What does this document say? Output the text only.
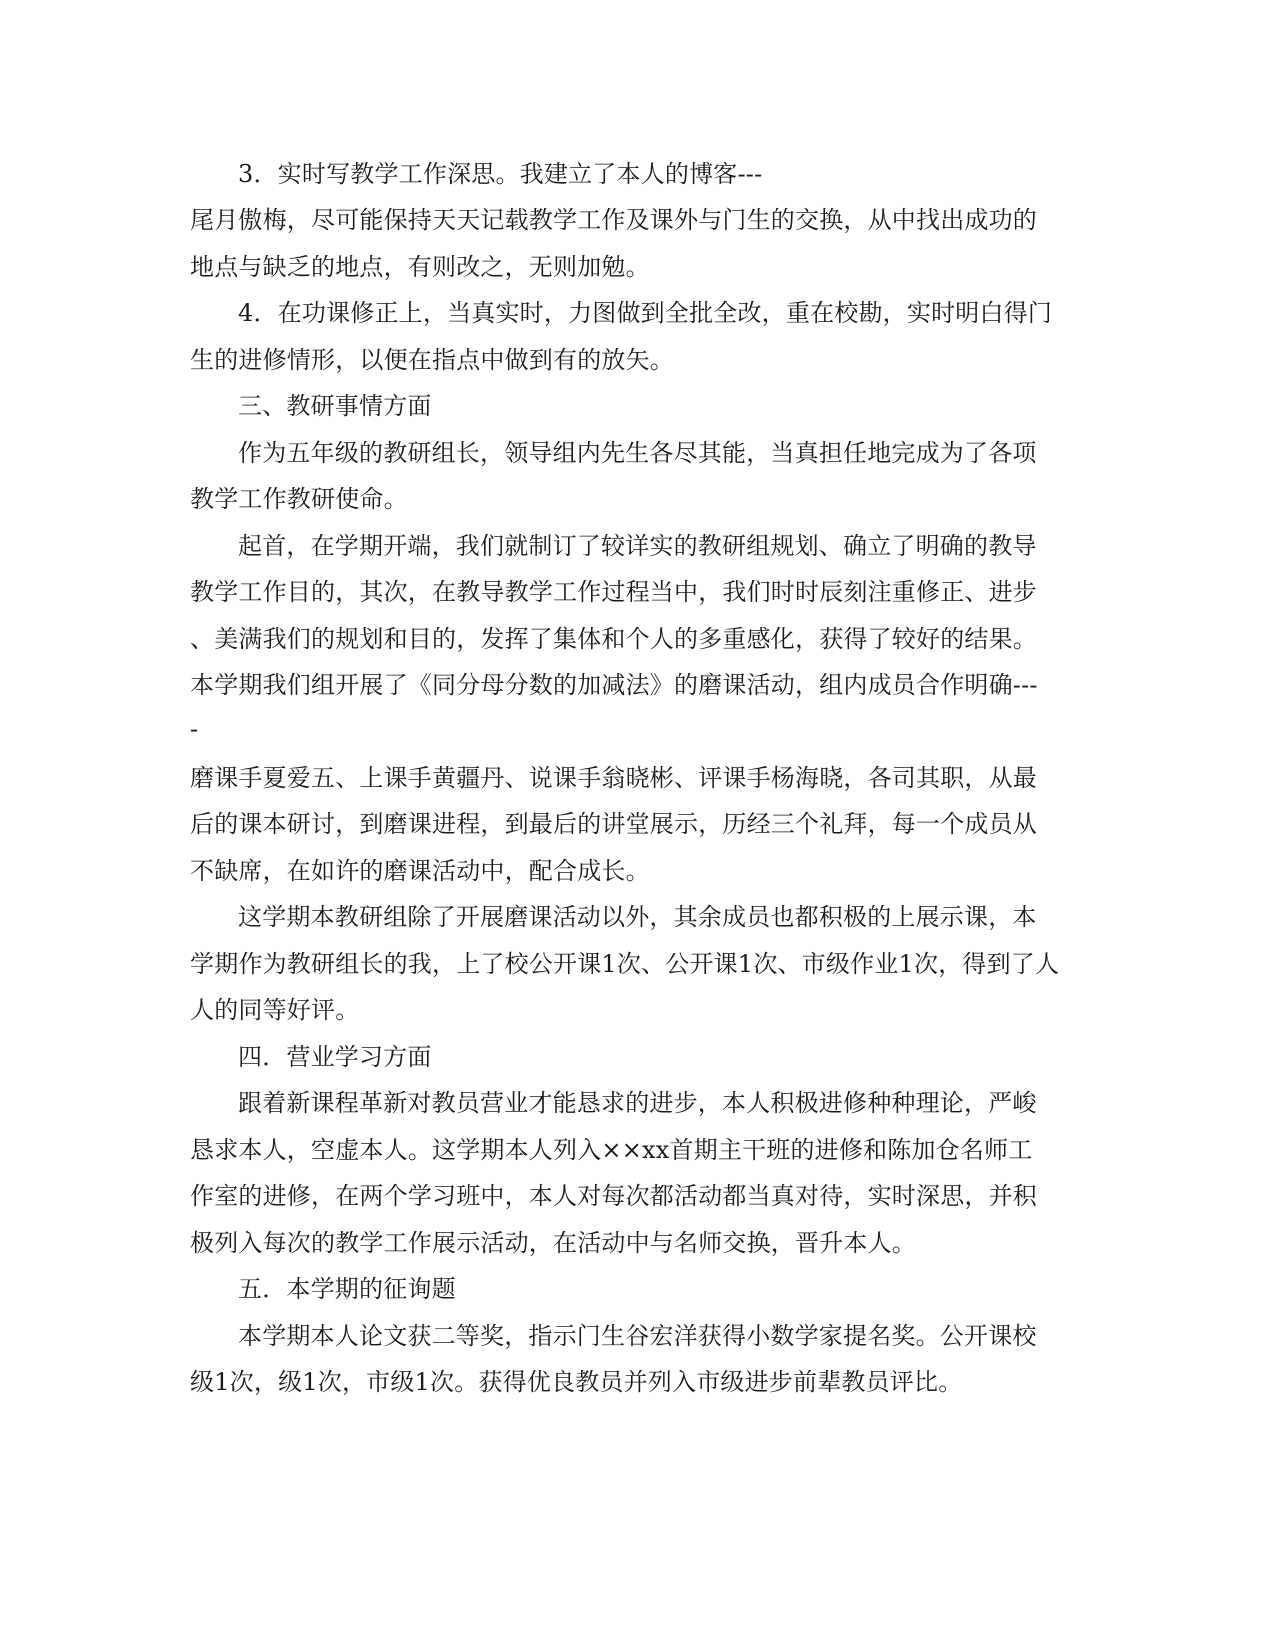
3．实时写教学工作深思。我建立了本人的博客---
尾月傲梅，尽可能保持天天记载教学工作及课外与门生的交换，从中找出成功的
地点与缺乏的地点，有则改之，无则加勉。
4．在功课修正上，当真实时，力图做到全批全改，重在校勘，实时明白得门
生的进修情形，以便在指点中做到有的放矢。
三、教研事情方面
作为五年级的教研组长，领导组内先生各尽其能，当真担任地完成为了各项
教学工作教研使命。
起首，在学期开端，我们就制订了较详实的教研组规划、确立了明确的教导
教学工作目的，其次，在教导教学工作过程当中，我们时时辰刻注重修正、进步
、美满我们的规划和目的，发挥了集体和个人的多重感化，获得了较好的结果。
本学期我们组开展了《同分母分数的加减法》的磨课活动，组内成员合作明确---
-
磨课手夏爱五、上课手黄疆丹、说课手翁晓彬、评课手杨海晓，各司其职，从最
后的课本研讨，到磨课进程，到最后的讲堂展示，历经三个礼拜，每一个成员从
不缺席，在如许的磨课活动中，配合成长。
这学期本教研组除了开展磨课活动以外，其余成员也都积极的上展示课，本
学期作为教研组长的我，上了校公开课1次、公开课1次、市级作业1次，得到了人
人的同等好评。
四．营业学习方面
跟着新课程革新对教员营业才能恳求的进步，本人积极进修种种理论，严峻
恳求本人，空虚本人。这学期本人列入××xx首期主干班的进修和陈加仓名师工
作室的进修，在两个学习班中，本人对每次都活动都当真对待，实时深思，并积
极列入每次的教学工作展示活动，在活动中与名师交换，晋升本人。
五．本学期的征询题
本学期本人论文获二等奖，指示门生谷宏洋获得小数学家提名奖。公开课校
级1次，级1次，市级1次。获得优良教员并列入市级进步前辈教员评比。
